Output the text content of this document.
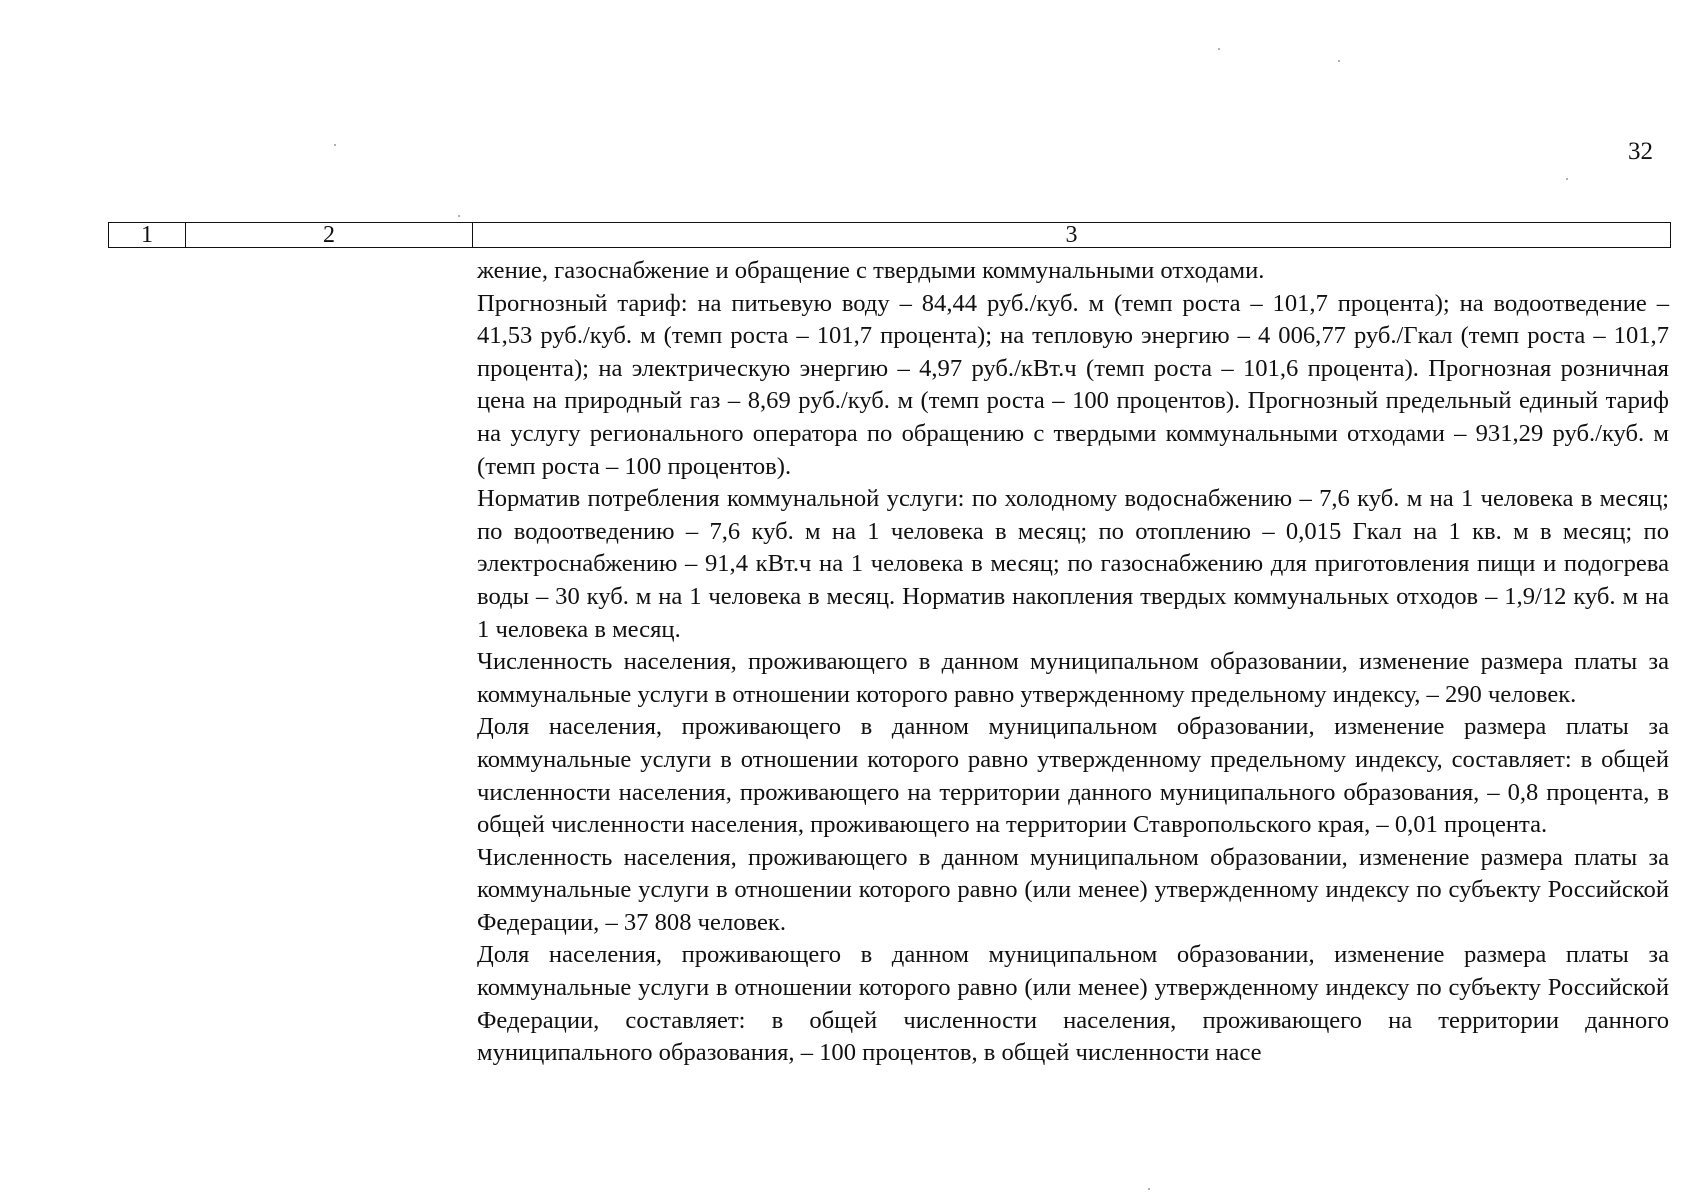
32
1	2	3

жение, газоснабжение и обращение с твердыми коммунальными отходами.

Прогнозный тариф: на питьевую воду – 84,44 руб./куб. м (темп роста – 101,7 процента); на водоотведение – 41,53 руб./куб. м (темп роста – 101,7 процента); на тепловую энергию – 4 006,77 руб./Гкал (темп роста – 101,7 процента); на электрическую энергию – 4,97 руб./кВт.ч (темп роста – 101,6 процента). Прогнозная розничная цена на природный газ – 8,69 руб./куб. м (темп роста – 100 процентов). Прогнозный предельный единый тариф на услугу регионального оператора по обращению с твердыми коммунальными отходами – 931,29 руб./куб. м (темп роста – 100 процентов).

Норматив потребления коммунальной услуги: по холодному водоснабжению – 7,6 куб. м на 1 человека в месяц; по водоотведению – 7,6 куб. м на 1 человека в месяц; по отоплению – 0,015 Гкал на 1 кв. м в месяц; по электроснабжению – 91,4 кВт.ч на 1 человека в месяц; по газоснабжению для приготовления пищи и подогрева воды – 30 куб. м на 1 человека в месяц. Норматив накопления твердых коммунальных отходов – 1,9/12 куб. м на 1 человека в месяц.

Численность населения, проживающего в данном муниципальном образовании, изменение размера платы за коммунальные услуги в отношении которого равно утвержденному предельному индексу, – 290 человек.

Доля населения, проживающего в данном муниципальном образовании, изменение размера платы за коммунальные услуги в отношении которого равно утвержденному предельному индексу, составляет: в общей численности населения, проживающего на территории данного муниципального образования, – 0,8 процента, в общей численности населения, проживающего на территории Ставропольского края, – 0,01 процента.

Численность населения, проживающего в данном муниципальном образовании, изменение размера платы за коммунальные услуги в отношении которого равно (или менее) утвержденному индексу по субъекту Российской Федерации, – 37 808 человек.

Доля населения, проживающего в данном муниципальном образовании, изменение размера платы за коммунальные услуги в отношении которого равно (или менее) утвержденному индексу по субъекту Российской Федерации, составляет: в общей численности населения, проживающего на территории данного муниципального образования, – 100 процентов, в общей численности насе
